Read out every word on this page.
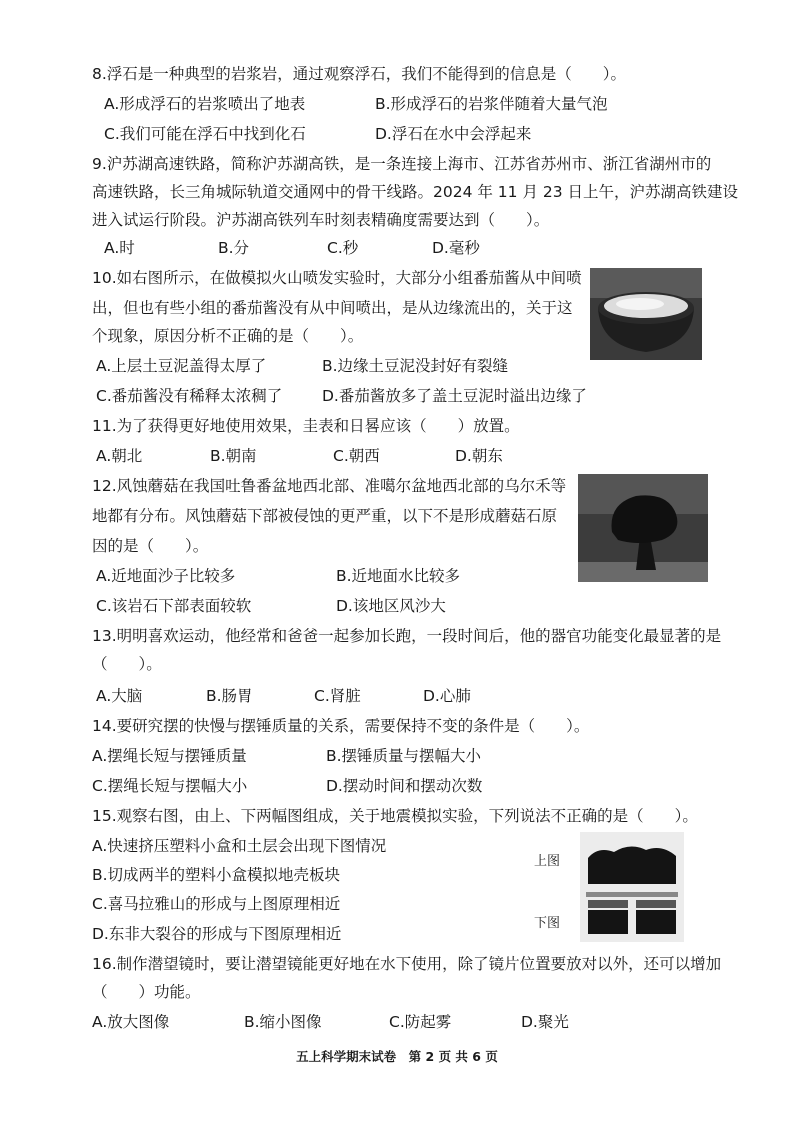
8.浮石是一种典型的岩浆岩，通过观察浮石，我们不能得到的信息是（　　）。
A.形成浮石的岩浆喷出了地表	B.形成浮石的岩浆伴随着大量气泡
C.我们可能在浮石中找到化石	D.浮石在水中会浮起来
9.沪苏湖高速铁路，简称沪苏湖高铁，是一条连接上海市、江苏省苏州市、浙江省湖州市的
高速铁路，长三角城际轨道交通网中的骨干线路。2024 年 11 月 23 日上午，沪苏湖高铁建设
进入试运行阶段。沪苏湖高铁列车时刻表精确度需要达到（　　）。
A.时	B.分	C.秒	D.毫秒
10.如右图所示，在做模拟火山喷发实验时，大部分小组番茄酱从中间喷
出，但也有些小组的番茄酱没有从中间喷出，是从边缘流出的，关于这
个现象，原因分析不正确的是（　　）。
A.上层土豆泥盖得太厚了	B.边缘土豆泥没封好有裂缝
C.番茄酱没有稀释太浓稠了	D.番茄酱放多了盖土豆泥时溢出边缘了
11.为了获得更好地使用效果，圭表和日晷应该（　　）放置。
A.朝北	B.朝南	C.朝西	D.朝东
12.风蚀蘑菇在我国吐鲁番盆地西北部、准噶尔盆地西北部的乌尔禾等
地都有分布。风蚀蘑菇下部被侵蚀的更严重，以下不是形成蘑菇石原
因的是（　　）。
A.近地面沙子比较多	B.近地面水比较多
C.该岩石下部表面较软	D.该地区风沙大
13.明明喜欢运动，他经常和爸爸一起参加长跑，一段时间后，他的器官功能变化最显著的是
（　　）。
A.大脑	B.肠胃	C.肾脏	D.心肺
14.要研究摆的快慢与摆锤质量的关系，需要保持不变的条件是（　　）。
A.摆绳长短与摆锤质量	B.摆锤质量与摆幅大小
C.摆绳长短与摆幅大小	D.摆动时间和摆动次数
15.观察右图，由上、下两幅图组成，关于地震模拟实验，下列说法不正确的是（　　）。
A.快速挤压塑料小盒和土层会出现下图情况
B.切成两半的塑料小盒模拟地壳板块
C.喜马拉雅山的形成与上图原理相近
D.东非大裂谷的形成与下图原理相近
上图
下图
16.制作潜望镜时，要让潜望镜能更好地在水下使用，除了镜片位置要放对以外，还可以增加
（　　）功能。
A.放大图像	B.缩小图像	C.防起雾	D.聚光
五上科学期末试卷　第 2 页 共 6 页
